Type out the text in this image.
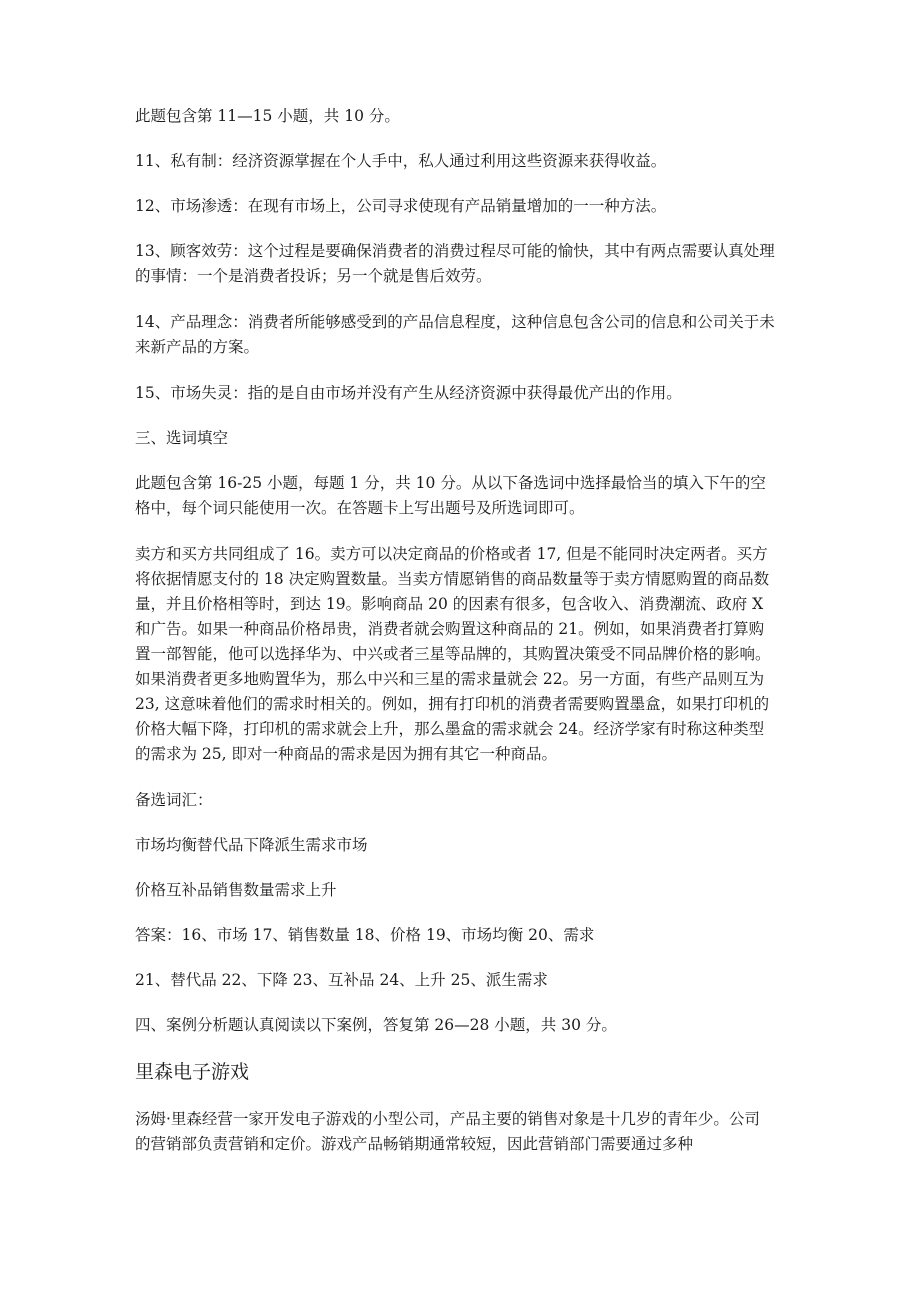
此题包含第 11—15 小题，共 10 分。

11、私有制：经济资源掌握在个人手中，私人通过利用这些资源来获得收益。

12、市场渗透：在现有市场上，公司寻求使现有产品销量增加的一一种方法。

13、顾客效劳：这个过程是要确保消费者的消费过程尽可能的愉快，其中有两点需要认真处理的事情：一个是消费者投诉；另一个就是售后效劳。

14、产品理念：消费者所能够感受到的产品信息程度，这种信息包含公司的信息和公司关于未来新产品的方案。

15、市场失灵：指的是自由市场并没有产生从经济资源中获得最优产出的作用。

三、选词填空

此题包含第 16-25 小题，每题 1 分，共 10 分。从以下备选词中选择最恰当的填入下午的空格中，每个词只能使用一次。在答题卡上写出题号及所选词即可。

卖方和买方共同组成了 16。卖方可以决定商品的价格或者 17, 但是不能同时决定两者。买方将依据情愿支付的 18 决定购置数量。当卖方情愿销售的商品数量等于卖方情愿购置的商品数量，并且价格相等时，到达 19。影响商品 20 的因素有很多，包含收入、消费潮流、政府 X 和广告。如果一种商品价格昂贵，消费者就会购置这种商品的 21。例如，如果消费者打算购置一部智能，他可以选择华为、中兴或者三星等品牌的，其购置决策受不同品牌价格的影响。如果消费者更多地购置华为，那么中兴和三星的需求量就会 22。另一方面，有些产品则互为 23, 这意味着他们的需求时相关的。例如，拥有打印机的消费者需要购置墨盒，如果打印机的价格大幅下降，打印机的需求就会上升，那么墨盒的需求就会 24。经济学家有时称这种类型的需求为 25, 即对一种商品的需求是因为拥有其它一种商品。

备选词汇：

市场均衡替代品下降派生需求市场

价格互补品销售数量需求上升

答案：16、市场 17、销售数量 18、价格 19、市场均衡 20、需求

21、替代品 22、下降 23、互补品 24、上升 25、派生需求

四、案例分析题认真阅读以下案例，答复第 26—28 小题，共 30 分。

里森电子游戏

汤姆·里森经营一家开发电子游戏的小型公司，产品主要的销售对象是十几岁的青年少。公司的营销部负责营销和定价。游戏产品畅销期通常较短，因此营销部门需要通过多种
